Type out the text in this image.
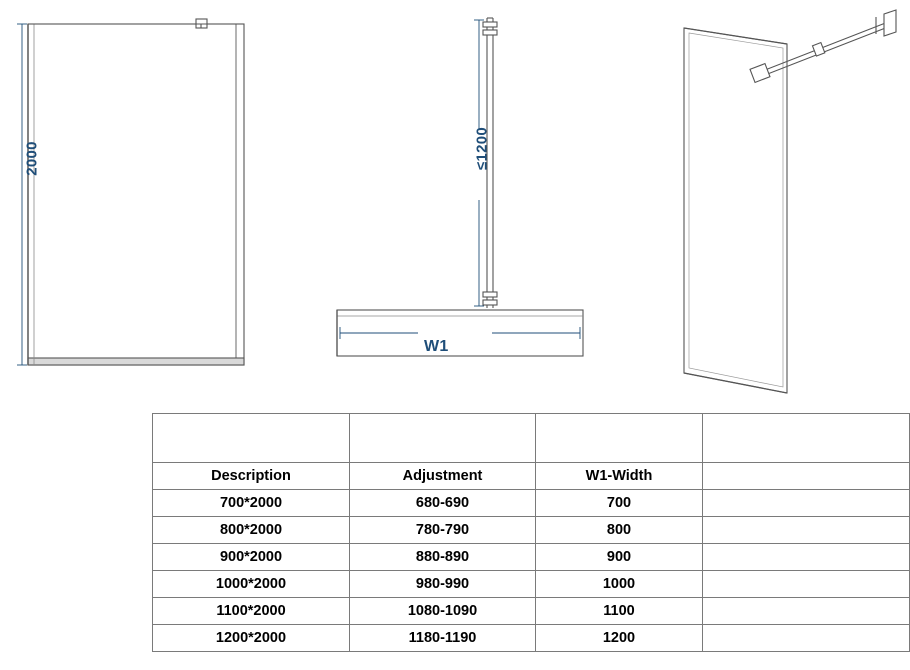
2000	≤1200
W1

Description	Adjustment	W1-Width	
700*2000	680-690	700	
800*2000	780-790	800	
900*2000	880-890	900	
1000*2000	980-990	1000	
1100*2000	1080-1090	1100	
1200*2000	1180-1190	1200	
